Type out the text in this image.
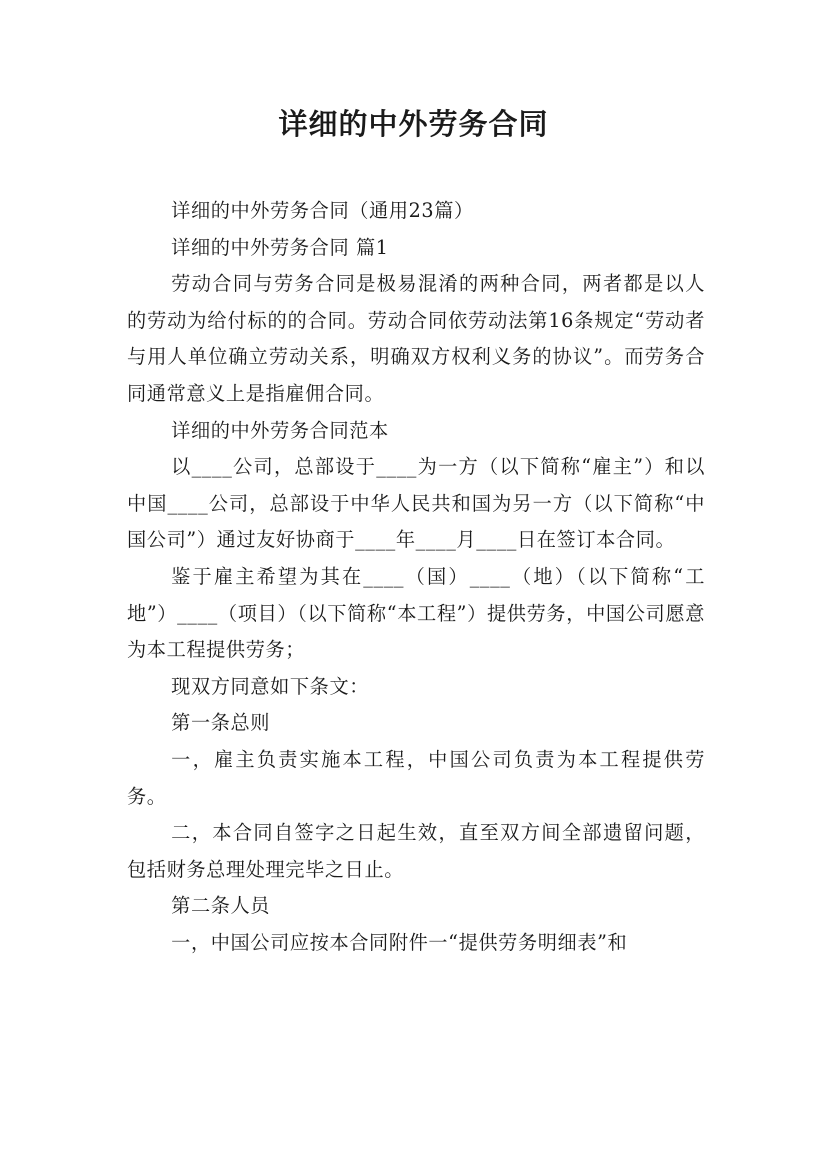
详细的中外劳务合同

详细的中外劳务合同（通用23篇）

详细的中外劳务合同 篇1

劳动合同与劳务合同是极易混淆的两种合同，两者都是以人的劳动为给付标的的合同。劳动合同依劳动法第16条规定“劳动者与用人单位确立劳动关系，明确双方权利义务的协议”。而劳务合同通常意义上是指雇佣合同。

详细的中外劳务合同范本

以____公司，总部设于____为一方（以下简称“雇主”）和以中国____公司，总部设于中华人民共和国为另一方（以下简称“中国公司”）通过友好协商于____年____月____日在签订本合同。

鉴于雇主希望为其在____（国）____（地）（以下简称“工地”）____（项目）（以下简称“本工程”）提供劳务，中国公司愿意为本工程提供劳务；

现双方同意如下条文：

第一条总则

一，雇主负责实施本工程，中国公司负责为本工程提供劳务。

二，本合同自签字之日起生效，直至双方间全部遗留问题，包括财务总理处理完毕之日止。

第二条人员

一，中国公司应按本合同附件一“提供劳务明细表”和
